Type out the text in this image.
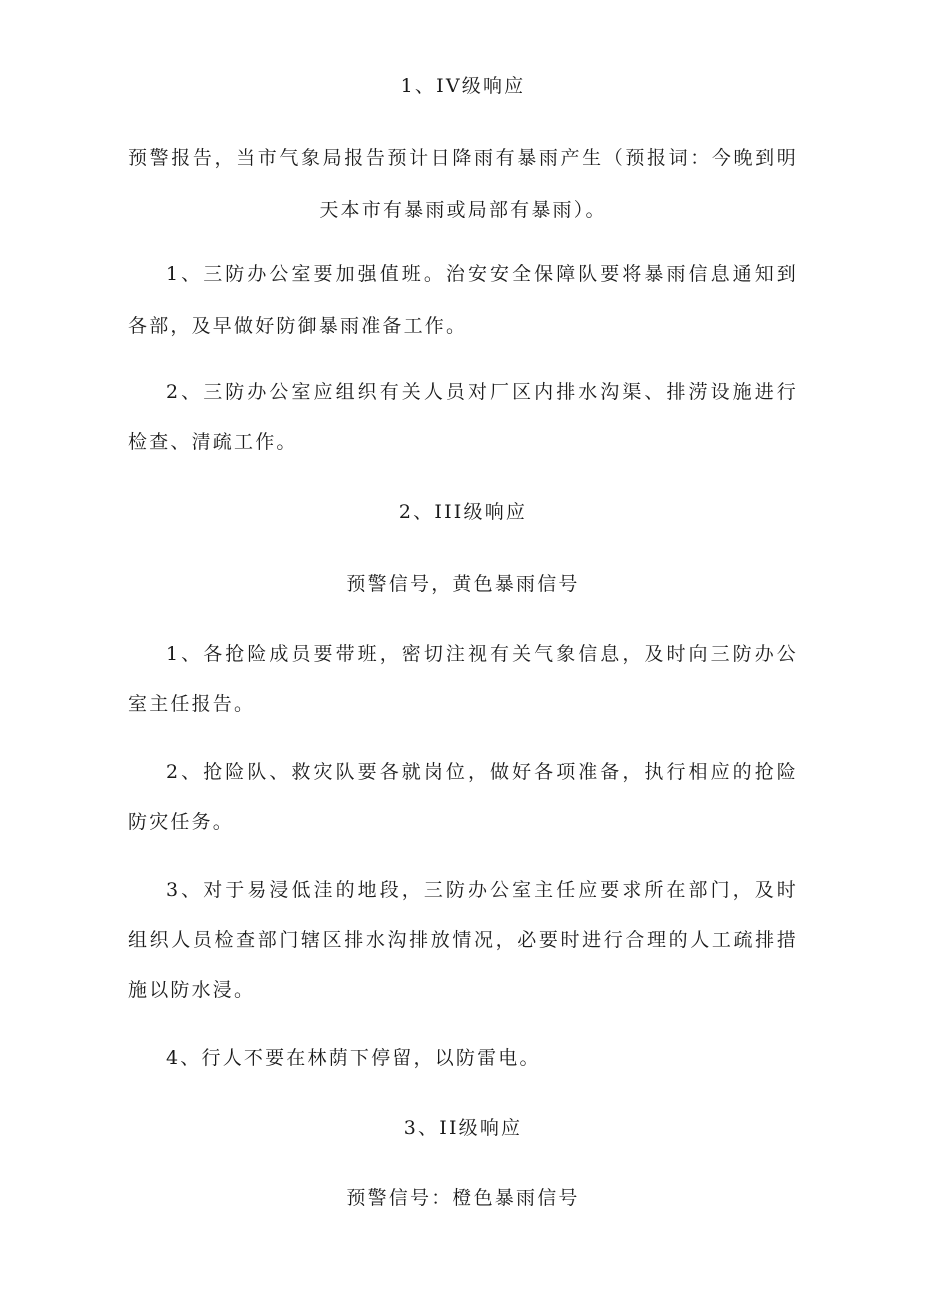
1、IV级响应
预警报告，当市气象局报告预计日降雨有暴雨产生（预报词：今晚到明
天本市有暴雨或局部有暴雨）。
1、三防办公室要加强值班。治安安全保障队要将暴雨信息通知到
各部，及早做好防御暴雨准备工作。
2、三防办公室应组织有关人员对厂区内排水沟渠、排涝设施进行
检查、清疏工作。
2、III级响应
预警信号，黄色暴雨信号
1、各抢险成员要带班，密切注视有关气象信息，及时向三防办公
室主任报告。
2、抢险队、救灾队要各就岗位，做好各项准备，执行相应的抢险
防灾任务。
3、对于易浸低洼的地段，三防办公室主任应要求所在部门，及时
组织人员检查部门辖区排水沟排放情况，必要时进行合理的人工疏排措
施以防水浸。
4、行人不要在林荫下停留，以防雷电。
3、II级响应
预警信号：橙色暴雨信号
